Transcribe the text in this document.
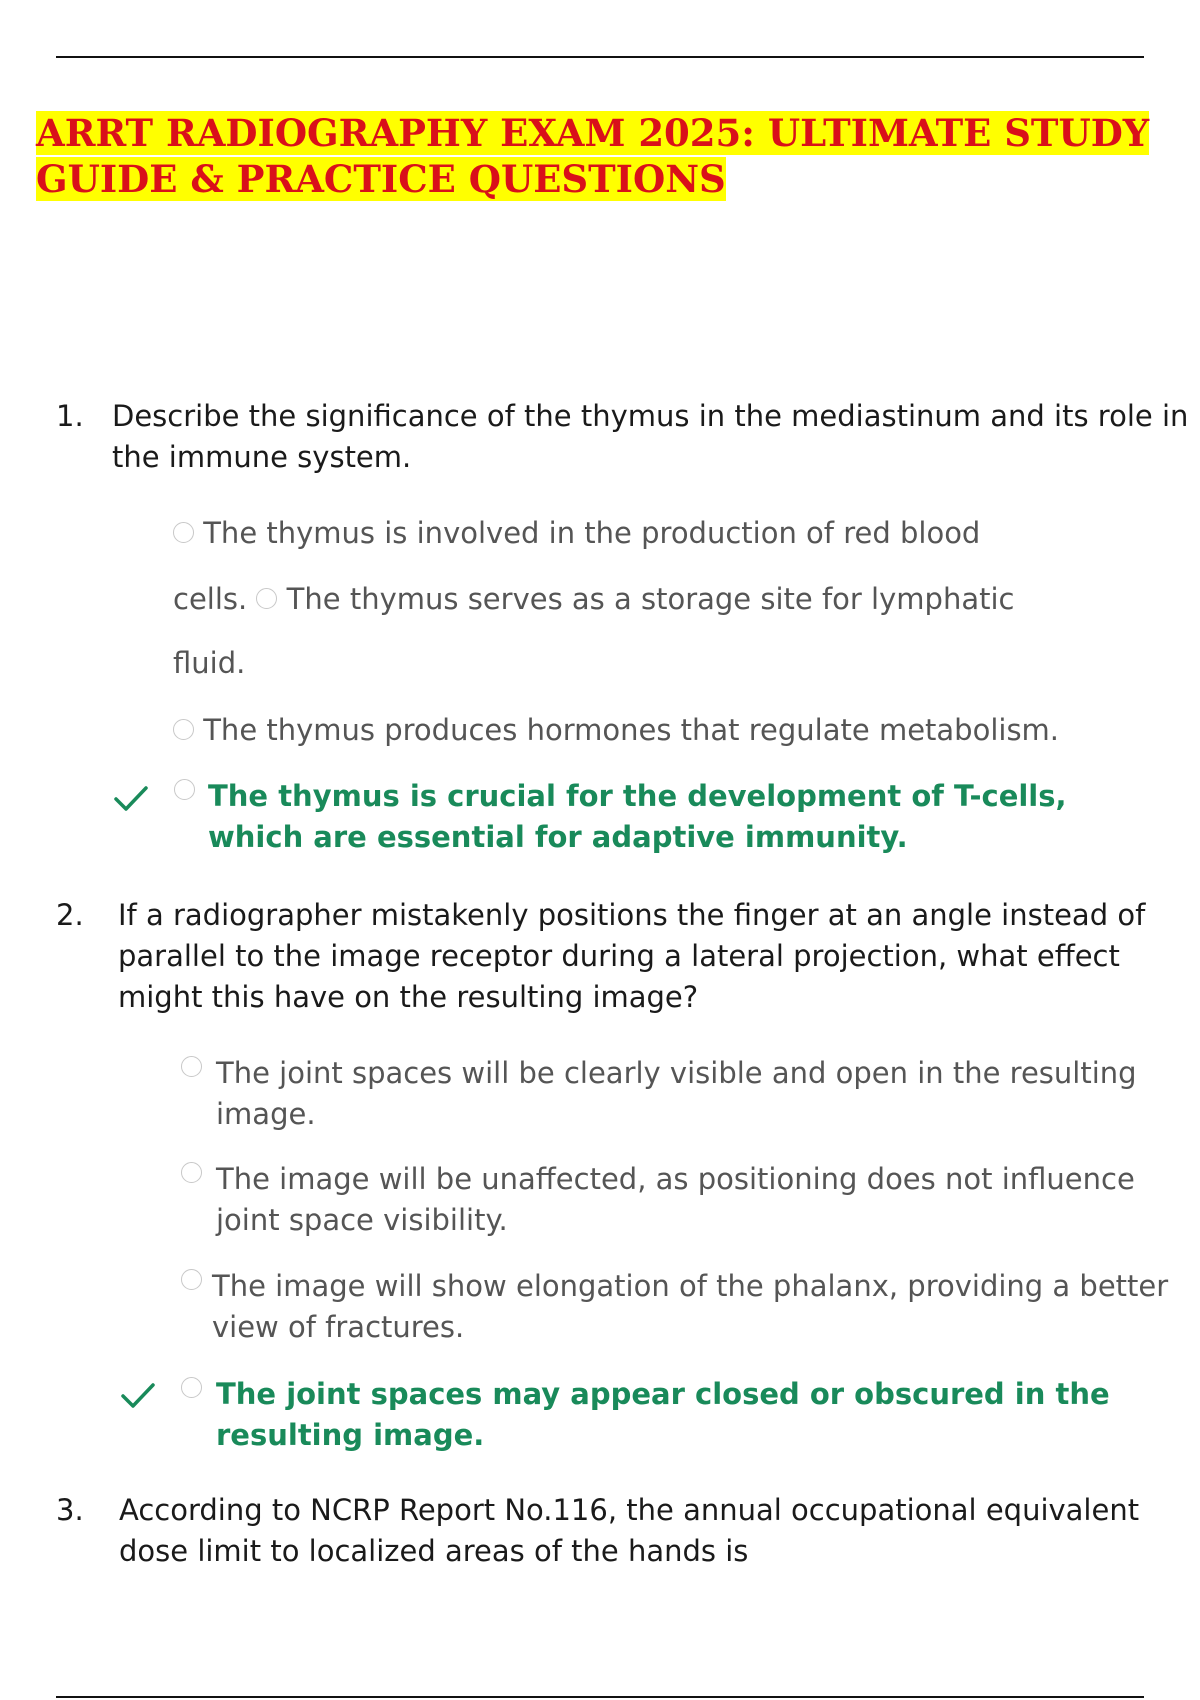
ARRT RADIOGRAPHY EXAM 2025: ULTIMATE STUDY GUIDE & PRACTICE QUESTIONS
1. Describe the significance of the thymus in the mediastinum and its role in the immune system.
The thymus is involved in the production of red blood
cells. The thymus serves as a storage site for lymphatic
fluid.
The thymus produces hormones that regulate metabolism.
The thymus is crucial for the development of T-cells, which are essential for adaptive immunity.
2. If a radiographer mistakenly positions the finger at an angle instead of parallel to the image receptor during a lateral projection, what effect might this have on the resulting image?
The joint spaces will be clearly visible and open in the resulting image.
The image will be unaffected, as positioning does not influence joint space visibility.
The image will show elongation of the phalanx, providing a better view of fractures.
The joint spaces may appear closed or obscured in the resulting image.
3. According to NCRP Report No.116, the annual occupational equivalent dose limit to localized areas of the hands is
